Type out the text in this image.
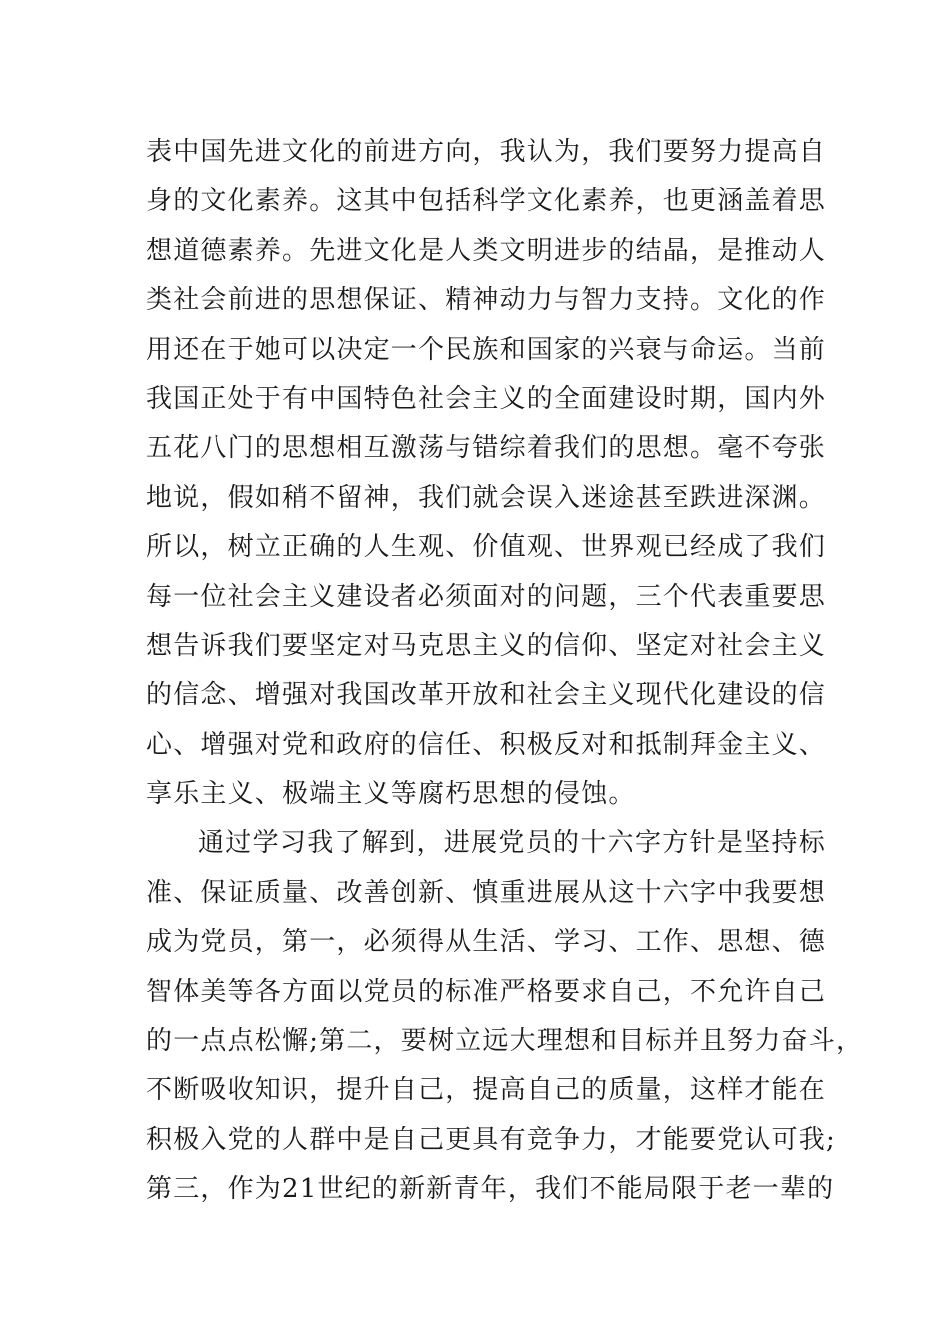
表中国先进文化的前进方向，我认为，我们要努力提高自
身的文化素养。这其中包括科学文化素养，也更涵盖着思
想道德素养。先进文化是人类文明进步的结晶，是推动人
类社会前进的思想保证、精神动力与智力支持。文化的作
用还在于她可以决定一个民族和国家的兴衰与命运。当前
我国正处于有中国特色社会主义的全面建设时期，国内外
五花八门的思想相互激荡与错综着我们的思想。毫不夸张
地说，假如稍不留神，我们就会误入迷途甚至跌进深渊。
所以，树立正确的人生观、价值观、世界观已经成了我们
每一位社会主义建设者必须面对的问题，三个代表重要思
想告诉我们要坚定对马克思主义的信仰、坚定对社会主义
的信念、增强对我国改革开放和社会主义现代化建设的信
心、增强对党和政府的信任、积极反对和抵制拜金主义、
享乐主义、极端主义等腐朽思想的侵蚀。
通过学习我了解到，进展党员的十六字方针是坚持标
准、保证质量、改善创新、慎重进展从这十六字中我要想
成为党员，第一，必须得从生活、学习、工作、思想、德
智体美等各方面以党员的标准严格要求自己，不允许自己
的一点点松懈;第二，要树立远大理想和目标并且努力奋斗，
不断吸收知识，提升自己，提高自己的质量，这样才能在
积极入党的人群中是自己更具有竞争力，才能要党认可我;
第三，作为21世纪的新新青年，我们不能局限于老一辈的
